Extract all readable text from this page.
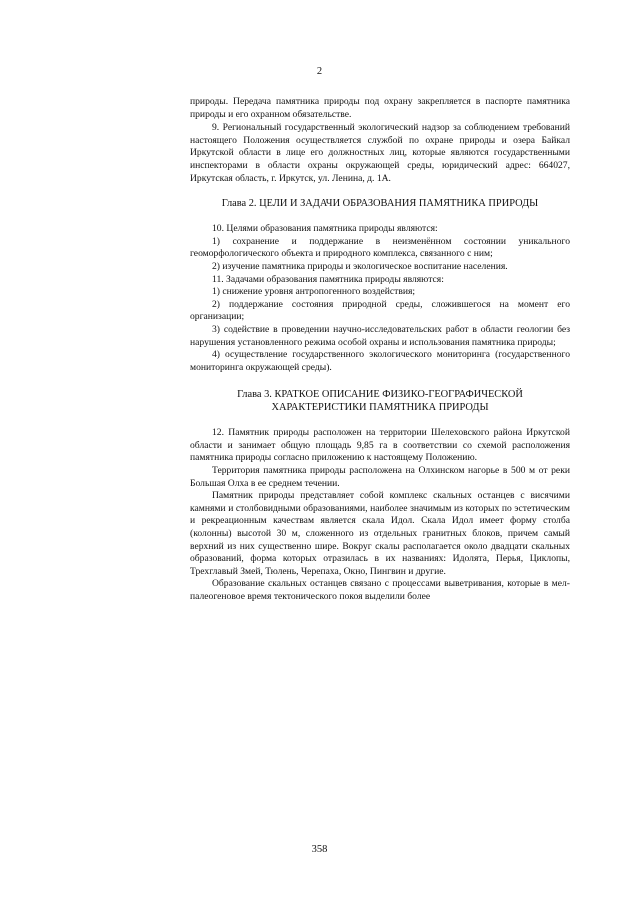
2

природы. Передача памятника природы под охрану закрепляется в паспорте памятника природы и его охранном обязательстве.

9. Региональный государственный экологический надзор за соблюдением требований настоящего Положения осуществляется службой по охране природы и озера Байкал Иркутской области в лице его должностных лиц, которые являются государственными инспекторами в области охраны окружающей среды, юридический адрес: 664027, Иркутская область, г. Иркутск, ул. Ленина, д. 1А.

Глава 2. ЦЕЛИ И ЗАДАЧИ ОБРАЗОВАНИЯ ПАМЯТНИКА ПРИРОДЫ

10. Целями образования памятника природы являются:

1) сохранение и поддержание в неизменённом состоянии уникального геоморфологического объекта и природного комплекса, связанного с ним;

2) изучение памятника природы и экологическое воспитание населения.

11. Задачами образования памятника природы являются:

1) снижение уровня антропогенного воздействия;

2) поддержание состояния природной среды, сложившегося на момент его организации;

3) содействие в проведении научно-исследовательских работ в области геологии без нарушения установленного режима особой охраны и использования памятника природы;

4) осуществление государственного экологического мониторинга (государственного мониторинга окружающей среды).

Глава 3. КРАТКОЕ ОПИСАНИЕ ФИЗИКО-ГЕОГРАФИЧЕСКОЙ ХАРАКТЕРИСТИКИ ПАМЯТНИКА ПРИРОДЫ

12. Памятник природы расположен на территории Шелеховского района Иркутской области и занимает общую площадь 9,85 га в соответствии со схемой расположения памятника природы согласно приложению к настоящему Положению.

Территория памятника природы расположена на Олхинском нагорье в 500 м от реки Большая Олха в ее среднем течении.

Памятник природы представляет собой комплекс скальных останцев с висячими камнями и столбовидными образованиями, наиболее значимым из которых по эстетическим и рекреационным качествам является скала Идол. Скала Идол имеет форму столба (колонны) высотой 30 м, сложенного из отдельных гранитных блоков, причем самый верхний из них существенно шире. Вокруг скалы располагается около двадцати скальных образований, форма которых отразилась в их названиях: Идолята, Перья, Циклопы, Трехглавый Змей, Тюлень, Черепаха, Окно, Пингвин и другие.

Образование скальных останцев связано с процессами выветривания, которые в мел-палеогеновое время тектонического покоя выделили более

358
